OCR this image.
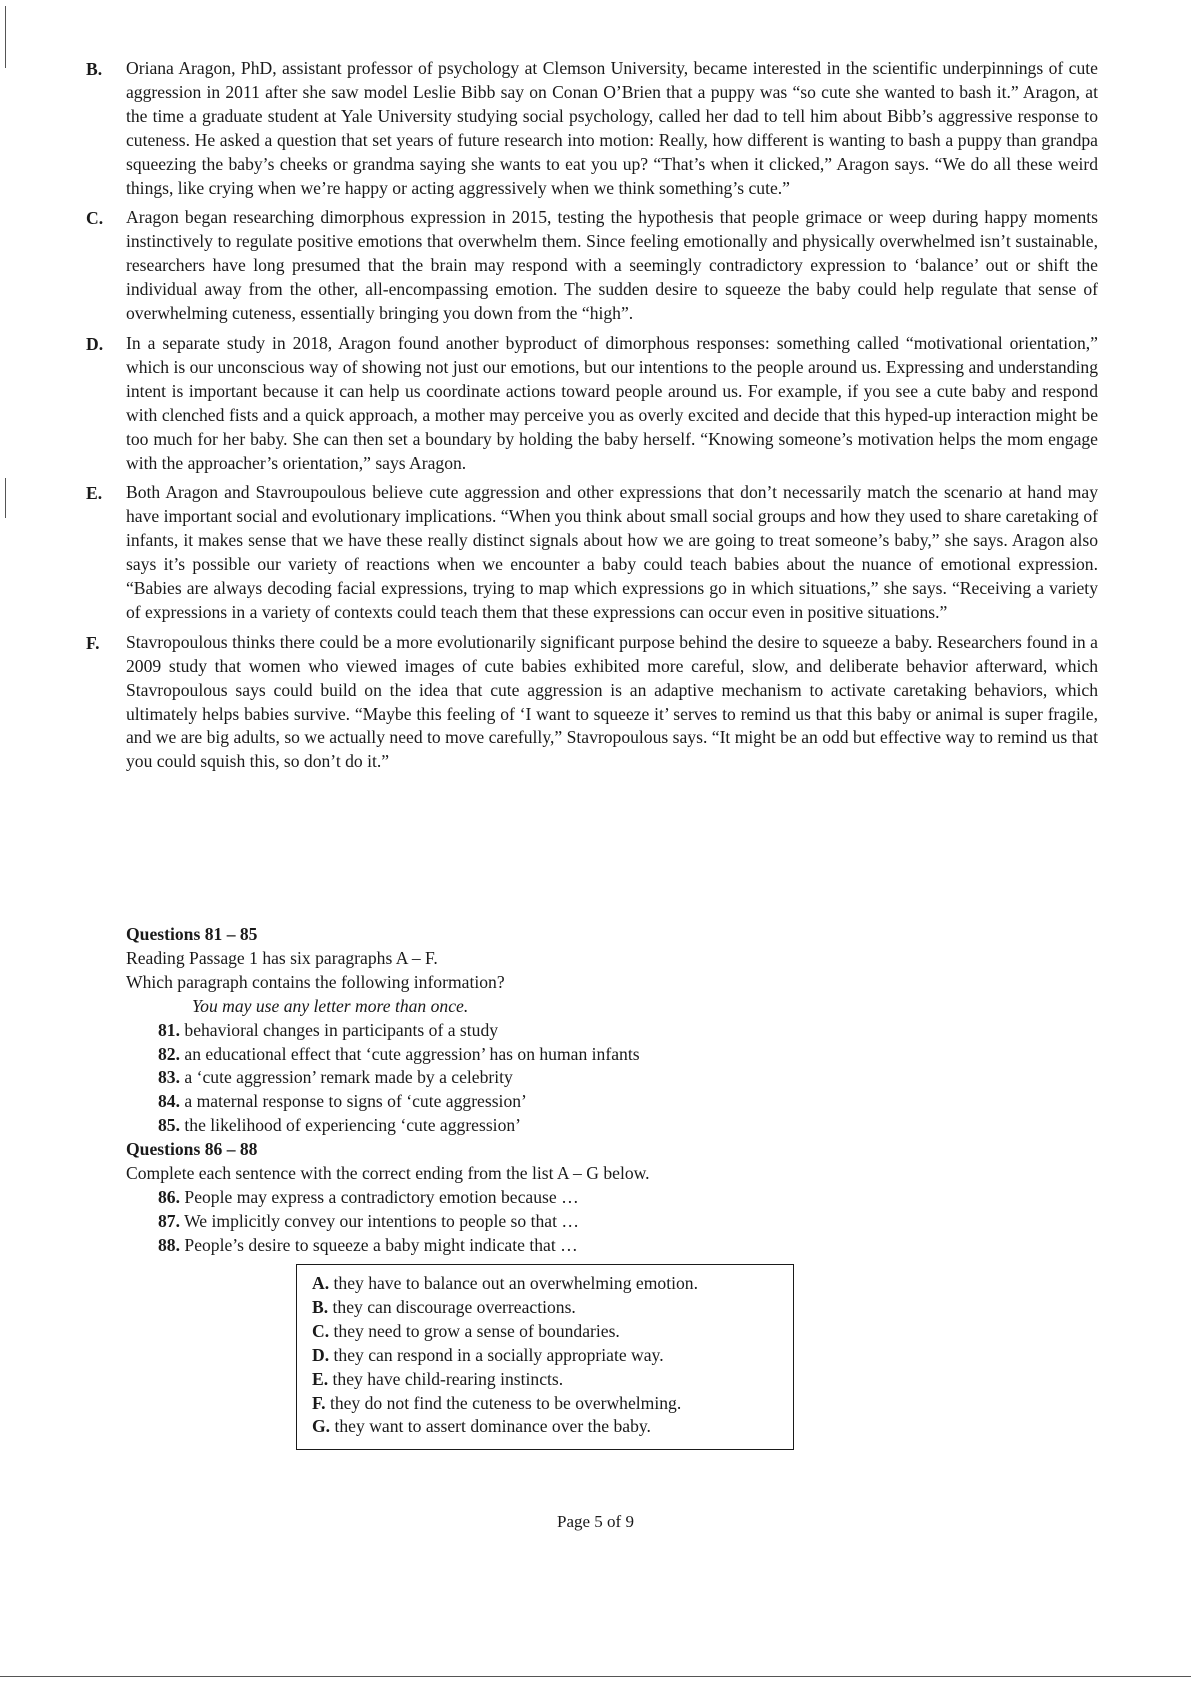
B.	Oriana Aragon, PhD, assistant professor of psychology at Clemson University, became interested in the scientific underpinnings of cute aggression in 2011 after she saw model Leslie Bibb say on Conan O’Brien that a puppy was “so cute she wanted to bash it.” Aragon, at the time a graduate student at Yale University studying social psychology, called her dad to tell him about Bibb’s aggressive response to cuteness. He asked a question that set years of future research into motion: Really, how different is wanting to bash a puppy than grandpa squeezing the baby’s cheeks or grandma saying she wants to eat you up? “That’s when it clicked,” Aragon says. “We do all these weird things, like crying when we’re happy or acting aggressively when we think something’s cute.”
C.	Aragon began researching dimorphous expression in 2015, testing the hypothesis that people grimace or weep during happy moments instinctively to regulate positive emotions that overwhelm them. Since feeling emotionally and physically overwhelmed isn’t sustainable, researchers have long presumed that the brain may respond with a seemingly contradictory expression to ‘balance’ out or shift the individual away from the other, all-encompassing emotion. The sudden desire to squeeze the baby could help regulate that sense of overwhelming cuteness, essentially bringing you down from the “high”.
D.	In a separate study in 2018, Aragon found another byproduct of dimorphous responses: something called “motivational orientation,” which is our unconscious way of showing not just our emotions, but our intentions to the people around us. Expressing and understanding intent is important because it can help us coordinate actions toward people around us. For example, if you see a cute baby and respond with clenched fists and a quick approach, a mother may perceive you as overly excited and decide that this hyped-up interaction might be too much for her baby. She can then set a boundary by holding the baby herself. “Knowing someone’s motivation helps the mom engage with the approacher’s orientation,” says Aragon.
E.	Both Aragon and Stavroupoulous believe cute aggression and other expressions that don’t necessarily match the scenario at hand may have important social and evolutionary implications. “When you think about small social groups and how they used to share caretaking of infants, it makes sense that we have these really distinct signals about how we are going to treat someone’s baby,” she says. Aragon also says it’s possible our variety of reactions when we encounter a baby could teach babies about the nuance of emotional expression. “Babies are always decoding facial expressions, trying to map which expressions go in which situations,” she says. “Receiving a variety of expressions in a variety of contexts could teach them that these expressions can occur even in positive situations.”
F.	Stavropoulous thinks there could be a more evolutionarily significant purpose behind the desire to squeeze a baby. Researchers found in a 2009 study that women who viewed images of cute babies exhibited more careful, slow, and deliberate behavior afterward, which Stavropoulous says could build on the idea that cute aggression is an adaptive mechanism to activate caretaking behaviors, which ultimately helps babies survive. “Maybe this feeling of ‘I want to squeeze it’ serves to remind us that this baby or animal is super fragile, and we are big adults, so we actually need to move carefully,” Stavropoulous says. “It might be an odd but effective way to remind us that you could squish this, so don’t do it.”
Questions 81 – 85
Reading Passage 1 has six paragraphs A – F.
Which paragraph contains the following information?
You may use any letter more than once.
81. behavioral changes in participants of a study
82. an educational effect that ‘cute aggression’ has on human infants
83. a ‘cute aggression’ remark made by a celebrity
84. a maternal response to signs of ‘cute aggression’
85. the likelihood of experiencing ‘cute aggression’
Questions 86 – 88
Complete each sentence with the correct ending from the list A – G below.
86. People may express a contradictory emotion because …
87. We implicitly convey our intentions to people so that …
88. People’s desire to squeeze a baby might indicate that …
A. they have to balance out an overwhelming emotion.
B. they can discourage overreactions.
C. they need to grow a sense of boundaries.
D. they can respond in a socially appropriate way.
E. they have child-rearing instincts.
F. they do not find the cuteness to be overwhelming.
G. they want to assert dominance over the baby.
Page 5 of 9
